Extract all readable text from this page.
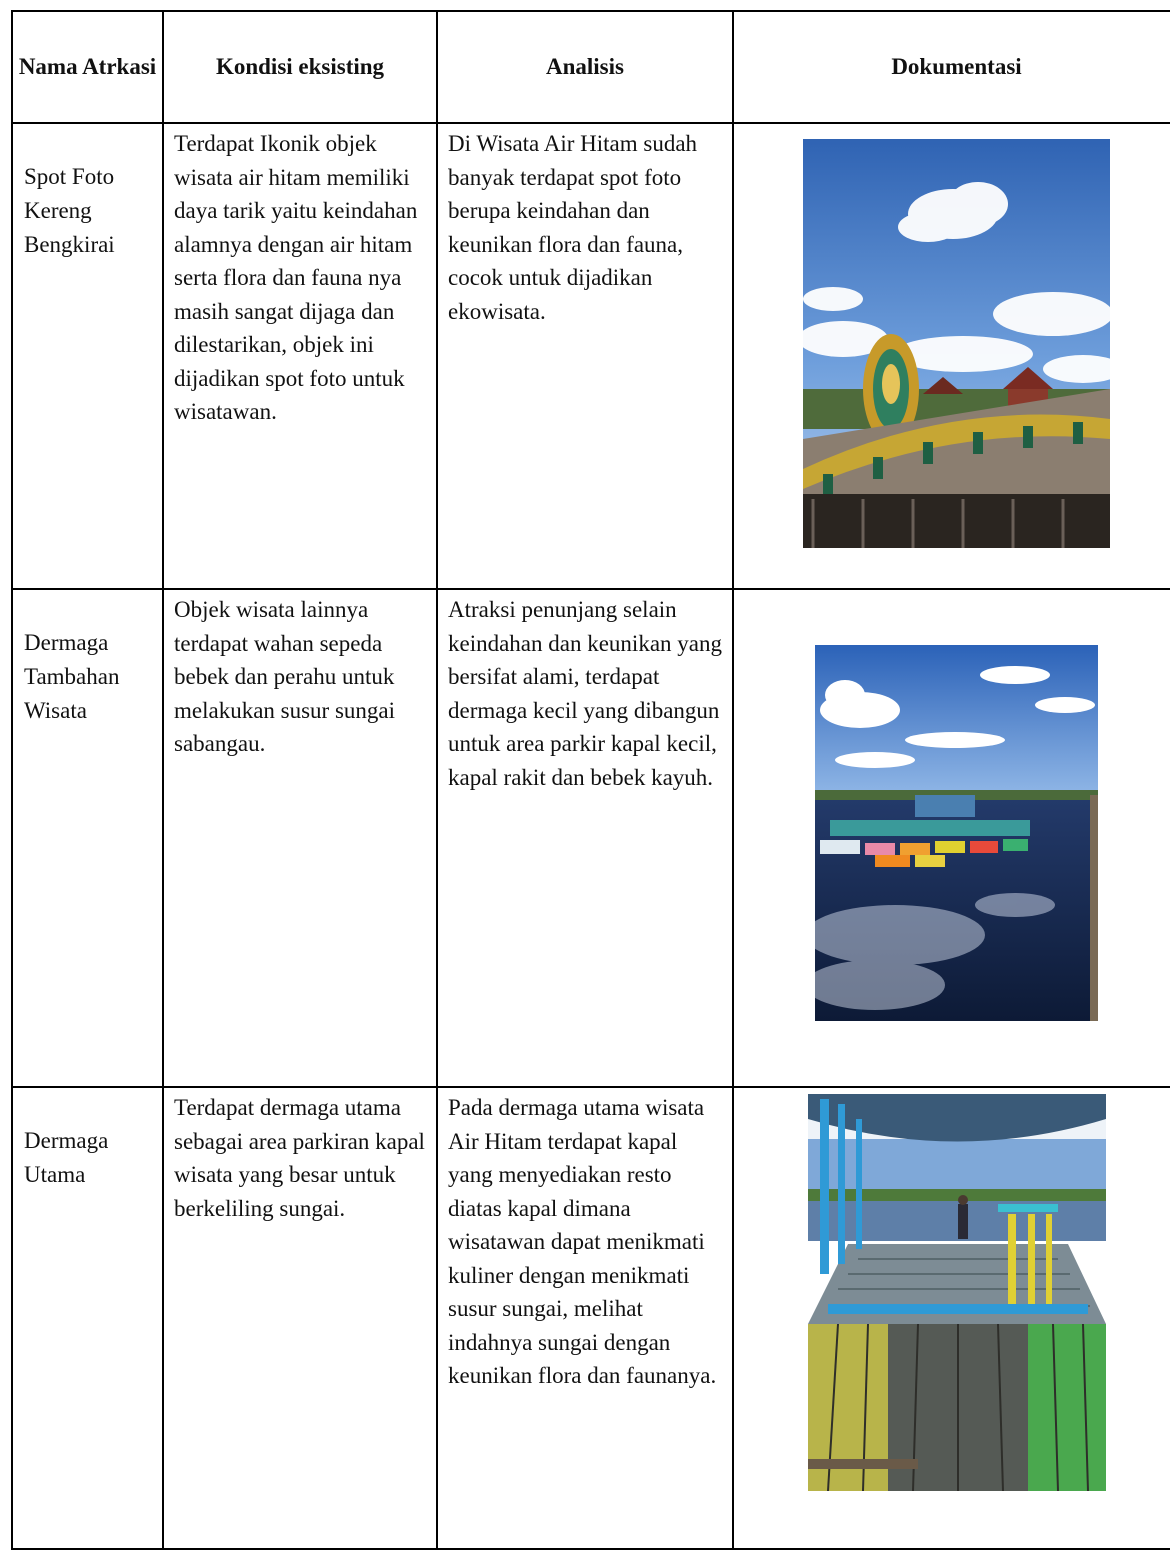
Nama Atrkasi	Kondisi eksisting	Analisis	Dokumentasi

Spot Foto Kereng Bengkirai	Terdapat Ikonik objek wisata air hitam memiliki daya tarik yaitu keindahan alamnya dengan air hitam serta flora dan fauna nya masih sangat dijaga dan dilestarikan, objek ini dijadikan spot foto untuk wisatawan.	Di Wisata Air Hitam sudah banyak terdapat spot foto berupa keindahan dan keunikan flora dan fauna, cocok untuk dijadikan ekowisata.

Dermaga Tambahan Wisata	Objek wisata lainnya terdapat wahan sepeda bebek dan perahu untuk melakukan susur sungai sabangau.	Atraksi penunjang selain keindahan dan keunikan yang bersifat alami, terdapat dermaga kecil yang dibangun untuk area parkir kapal kecil, kapal rakit dan bebek kayuh.

Dermaga Utama	Terdapat dermaga utama sebagai area parkiran kapal wisata yang besar untuk berkeliling sungai.	Pada dermaga utama wisata Air Hitam terdapat kapal yang menyediakan resto diatas kapal dimana wisatawan dapat menikmati kuliner dengan menikmati susur sungai, melihat indahnya sungai dengan keunikan flora dan faunanya.
